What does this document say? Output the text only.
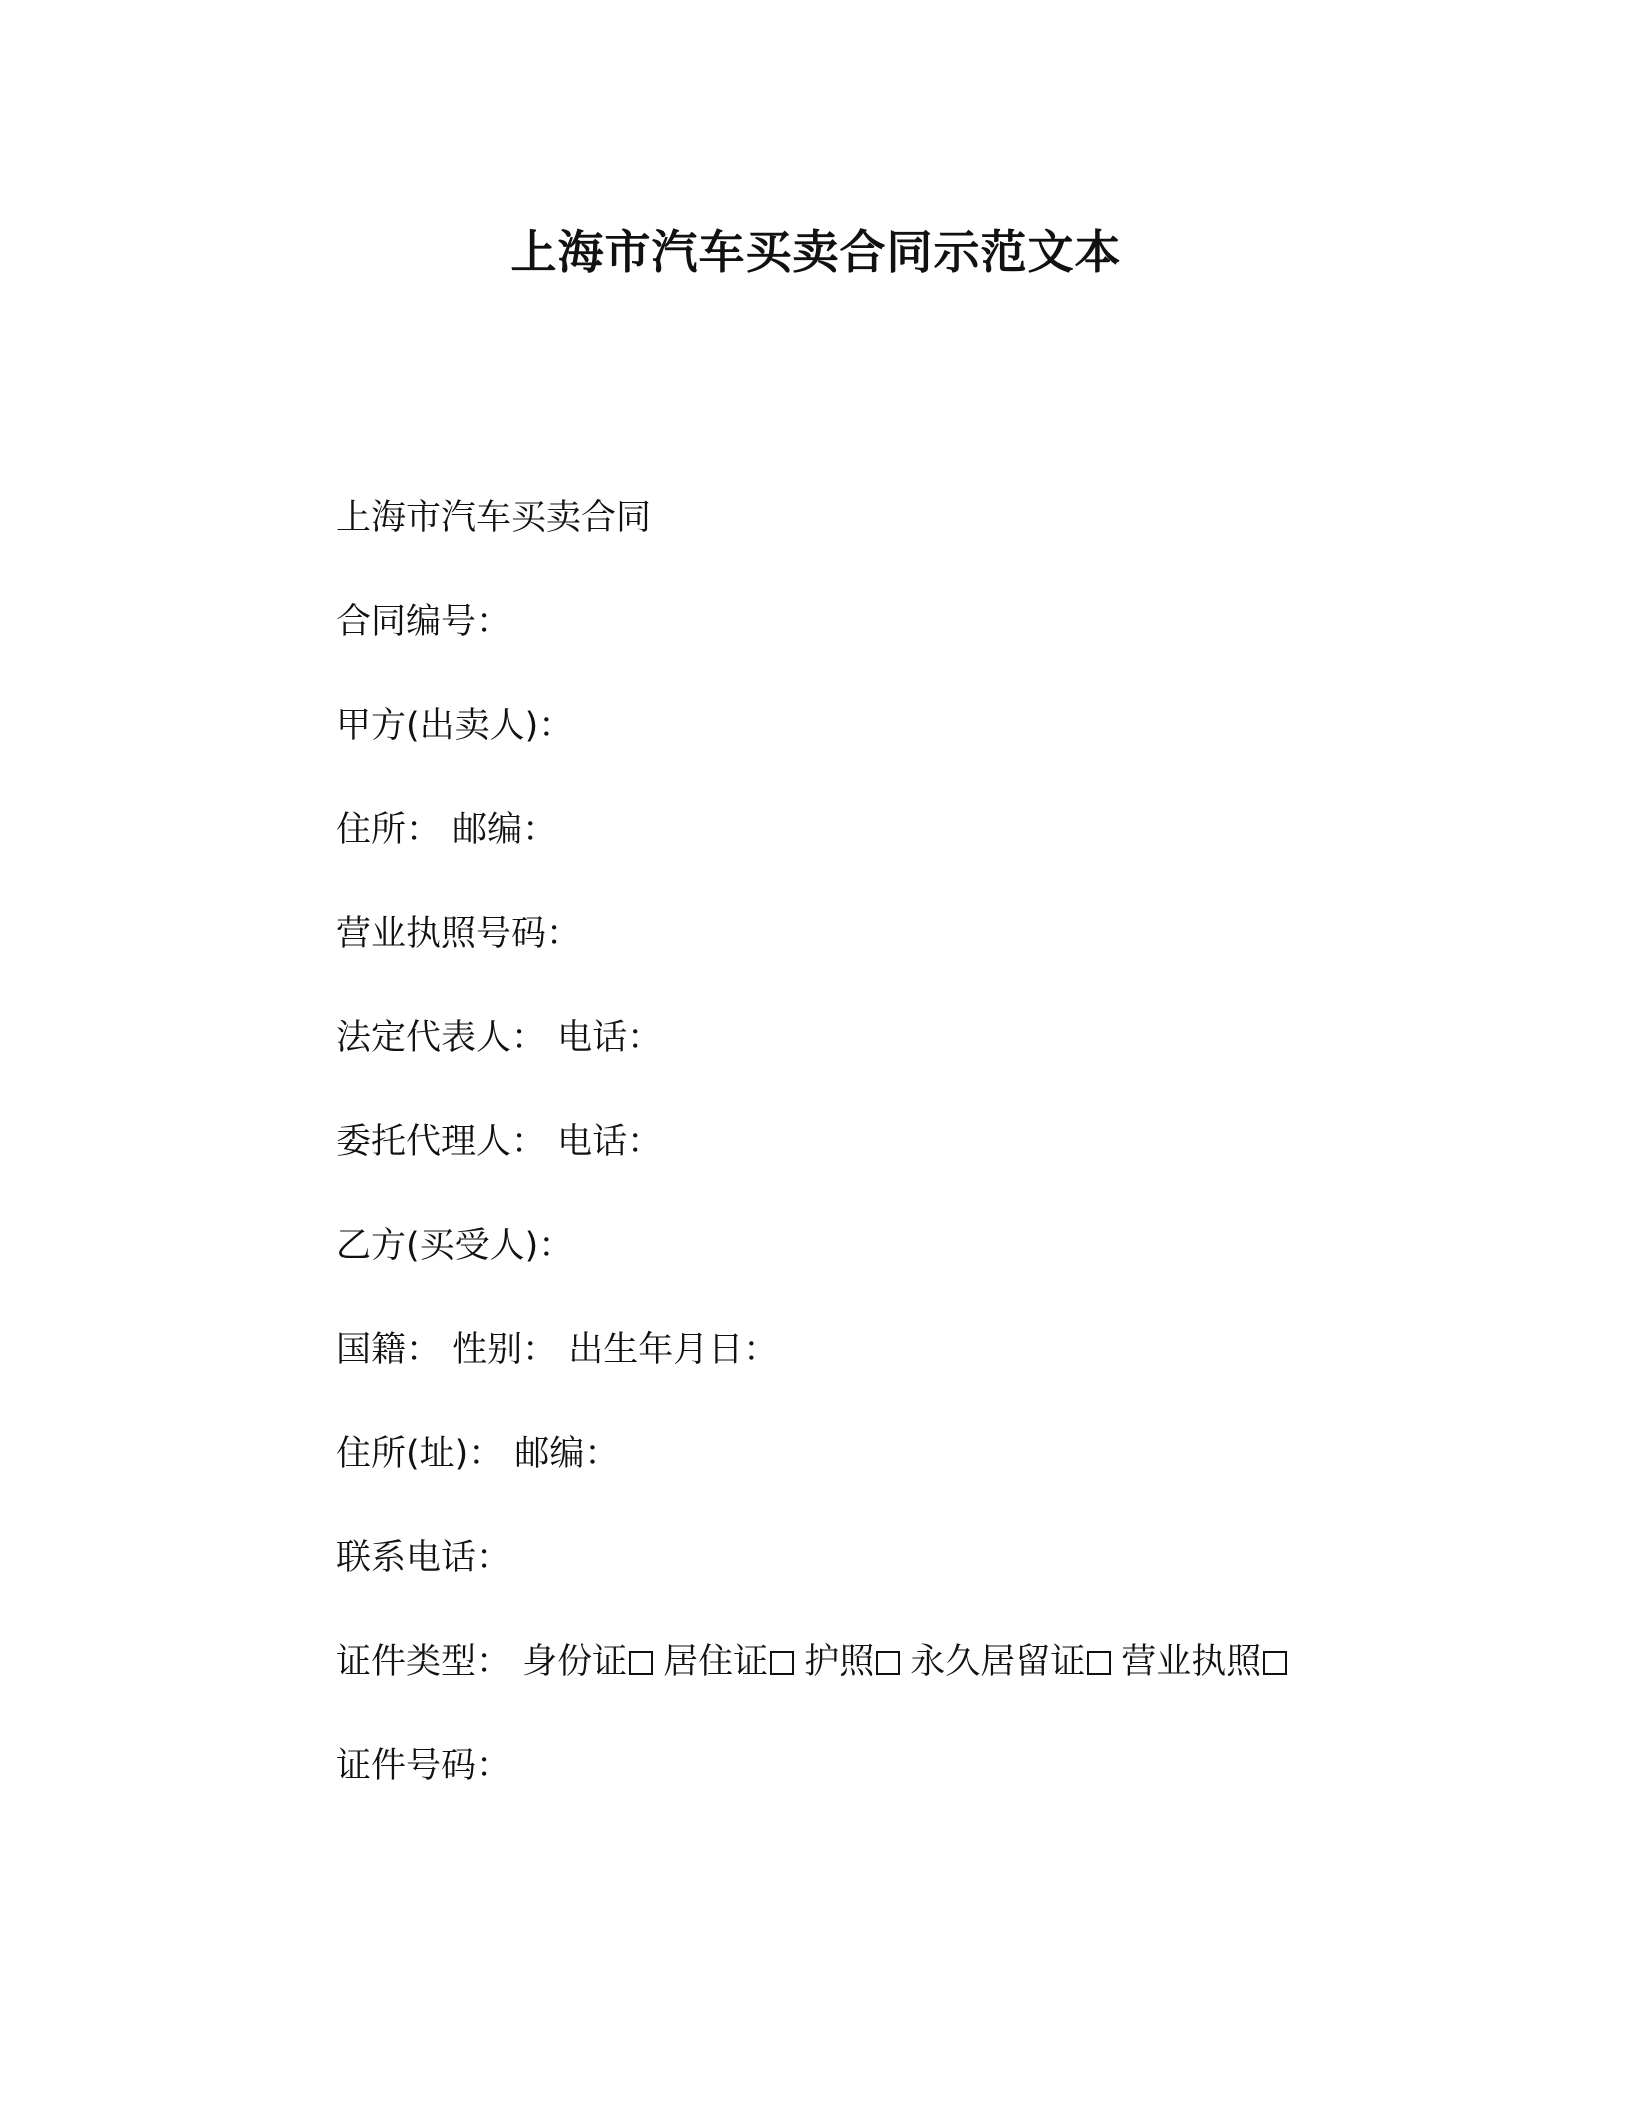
上海市汽车买卖合同示范文本
上海市汽车买卖合同
合同编号：
甲方(出卖人)：
住所： 邮编：
营业执照号码：
法定代表人： 电话：
委托代理人： 电话：
乙方(买受人)：
国籍： 性别： 出生年月日：
住所(址)： 邮编：
联系电话：
证件类型： 身份证 居住证 护照 永久居留证 营业执照
证件号码：
